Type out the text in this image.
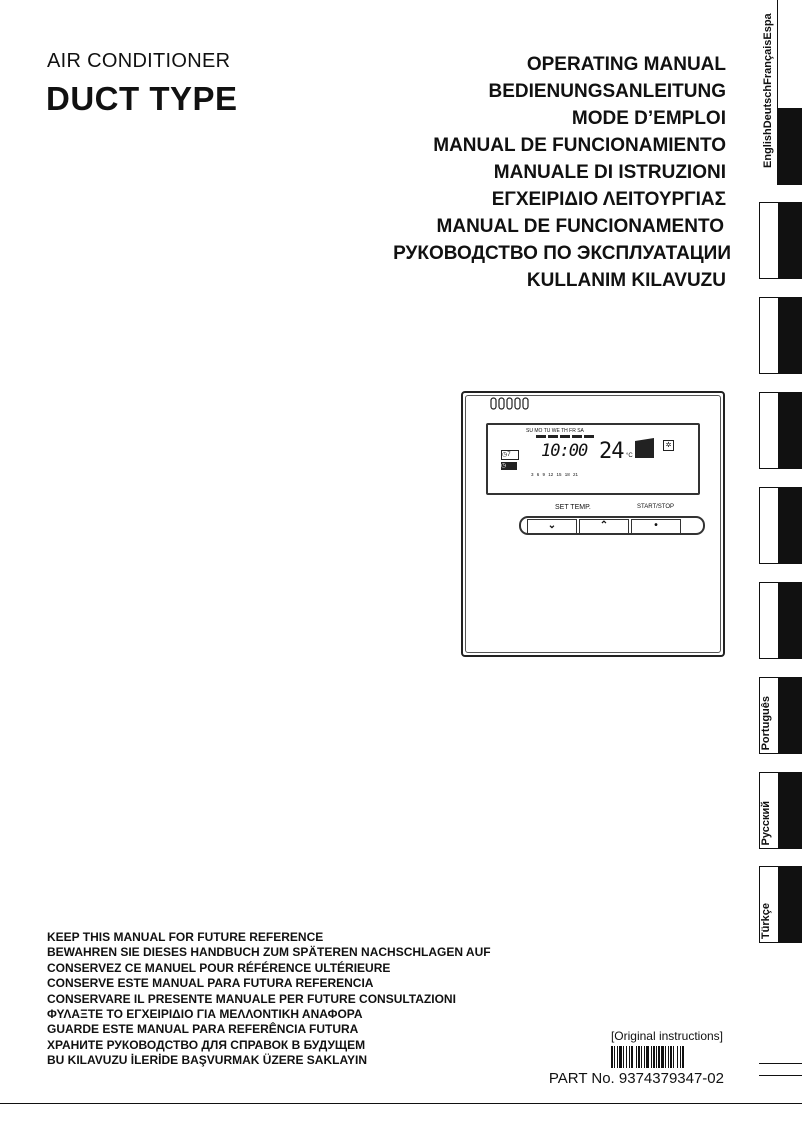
AIR CONDITIONER
DUCT TYPE
OPERATING MANUAL
BEDIENUNGSANLEITUNG
MODE D’EMPLOI
MANUAL DE FUNCIONAMIENTO
MANUALE DI ISTRUZIONI
ΕΓΧΕΙΡΙΔΙΟ ΛΕΙΤΟΥΡΓΙΑΣ
MANUAL DE FUNCIONAMENTO
РУКОВОДСТВО ПО ЭКСПЛУАТАЦИИ
KULLANIM KILAVUZU
EnglishDeutschFrançaisEspa
Português
Русский
Türkçe
SU MO TU WE TH FR SA
10:00 24 °C
✲
◷7
◷
3 6 9 12 15 18 21
SET TEMP.	START/STOP
⌄	⌃	•
KEEP THIS MANUAL FOR FUTURE REFERENCE
BEWAHREN SIE DIESES HANDBUCH ZUM SPÄTEREN NACHSCHLAGEN AUF
CONSERVEZ CE MANUEL POUR RÉFÉRENCE ULTÉRIEURE
CONSERVE ESTE MANUAL PARA FUTURA REFERENCIA
CONSERVARE IL PRESENTE MANUALE PER FUTURE CONSULTAZIONI
ΦΥΛΑΞΤΕ ΤΟ ΕΓΧΕΙΡΙΔΙΟ ΓΙΑ ΜΕΛΛΟΝΤΙΚΗ ΑΝΑΦΟΡΑ
GUARDE ESTE MANUAL PARA REFERÊNCIA FUTURA
ХРАНИТЕ РУКОВОДСТВО ДЛЯ СПРАВОК В БУДУЩЕМ
BU KILAVUZU İLERİDE BAŞVURMAK ÜZERE SAKLAYIN
[Original instructions]
PART No. 9374379347-02
